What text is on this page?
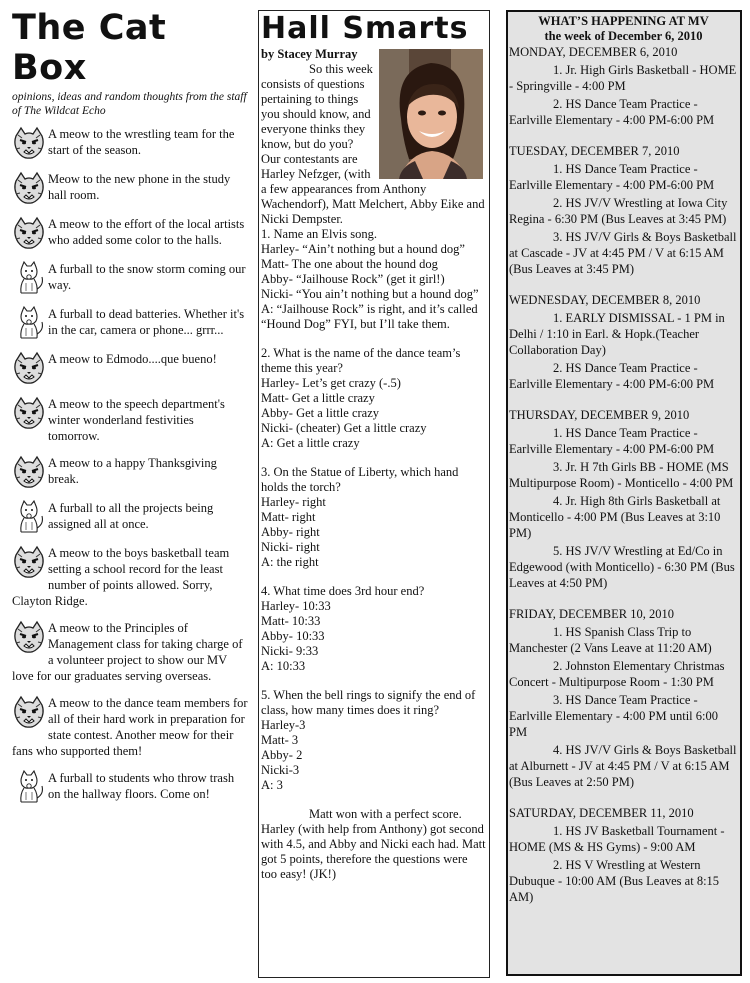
The Cat Box
opinions, ideas and random thoughts from the staff of The Wildcat Echo
A meow to the wrestling team for the start of the season.
Meow to the new phone in the study hall room.
A meow to the effort of the local artists who added some color to the halls.
A furball to the snow storm coming our way.
A furball to dead batteries. Whether it's in the car, camera or phone... grrr...
A meow to Edmodo....que bueno!
A meow to the speech department's winter wonderland festivities tomorrow.
A meow to a happy Thanksgiving break.
A furball to all the projects being assigned all at once.
A meow to the boys basketball team setting a school record for the least number of points allowed. Sorry, Clayton Ridge.
A meow to the Principles of Management class for taking charge of a volunteer project to show our MV love for our graduates serving overseas.
A meow to the dance team members for all of their hard work in preparation for state contest. Another meow for their fans who supported them!
A furball to students who throw trash on the hallway floors. Come on!
Hall Smarts
by Stacey Murray

So this week consists of questions pertaining to things you should know, and everyone thinks they know, but do you? Our contestants are Harley Nefzger, (with a few appearances from Anthony Wachendorf), Matt Melchert, Abby Eike and Nicki Dempster.

1. Name an Elvis song.

Harley- “Ain’t nothing but a hound dog”

Matt- The one about the hound dog

Abby- “Jailhouse Rock” (get it girl!)

Nicki- “You ain’t nothing but a hound dog”

A: “Jailhouse Rock” is right, and it’s called “Hound Dog” FYI, but I’ll take them.

2. What is the name of the dance team’s theme this year?

Harley- Let’s get crazy (-.5)

Matt- Get a little crazy

Abby- Get a little crazy

Nicki- (cheater) Get a little crazy

A: Get a little crazy

3. On the Statue of Liberty, which hand holds the torch?

Harley- right

Matt- right

Abby- right

Nicki- right

A: the right

4. What time does 3rd hour end?

Harley- 10:33

Matt- 10:33

Abby- 10:33

Nicki- 9:33

A: 10:33

5. When the bell rings to signify the end of class, how many times does it ring?

Harley-3

Matt- 3

Abby- 2

Nicki-3

A: 3

Matt won with a perfect score. Harley (with help from Anthony) got second with 4.5, and Abby and Nicki each had. Matt got 5 points, therefore the questions were too easy! (JK!)

WHAT’S HAPPENING AT MV
the week of December 6, 2010
MONDAY, DECEMBER 6, 2010
1. Jr. High Girls Basketball - HOME - Springville - 4:00 PM
2. HS Dance Team Practice - Earlville Elementary - 4:00 PM-6:00 PM
TUESDAY, DECEMBER 7, 2010
1. HS Dance Team Practice - Earlville Elementary - 4:00 PM-6:00 PM
2. HS JV/V Wrestling at Iowa City Regina - 6:30 PM (Bus Leaves at 3:45 PM)
3. HS JV/V Girls & Boys Basketball at Cascade - JV at 4:45 PM / V at 6:15 AM (Bus Leaves at 3:45 PM)
WEDNESDAY, DECEMBER 8, 2010
1. EARLY DISMISSAL - 1 PM in Delhi / 1:10 in Earl. & Hopk.(Teacher Collaboration Day)
2. HS Dance Team Practice - Earlville Elementary - 4:00 PM-6:00 PM
THURSDAY, DECEMBER 9, 2010
1. HS Dance Team Practice - Earlville Elementary - 4:00 PM-6:00 PM
3. Jr. H 7th Girls BB - HOME (MS Multipurpose Room) - Monticello - 4:00 PM
4. Jr. High 8th Girls Basketball at Monticello - 4:00 PM (Bus Leaves at 3:10 PM)
5. HS JV/V Wrestling at Ed/Co in Edgewood (with Monticello) - 6:30 PM (Bus Leaves at 4:50 PM)
FRIDAY, DECEMBER 10, 2010
1. HS Spanish Class Trip to Manchester (2 Vans Leave at 11:20 AM)
2. Johnston Elementary Christmas Concert - Multipurpose Room - 1:30 PM
3. HS Dance Team Practice - Earlville Elementary - 4:00 PM until 6:00 PM
4. HS JV/V Girls & Boys Basketball at Alburnett - JV at 4:45 PM / V at 6:15 AM (Bus Leaves at 2:50 PM)
SATURDAY, DECEMBER 11, 2010
1. HS JV Basketball Tournament - HOME (MS & HS Gyms) - 9:00 AM
2. HS V Wrestling at Western Dubuque - 10:00 AM (Bus Leaves at 8:15 AM)
